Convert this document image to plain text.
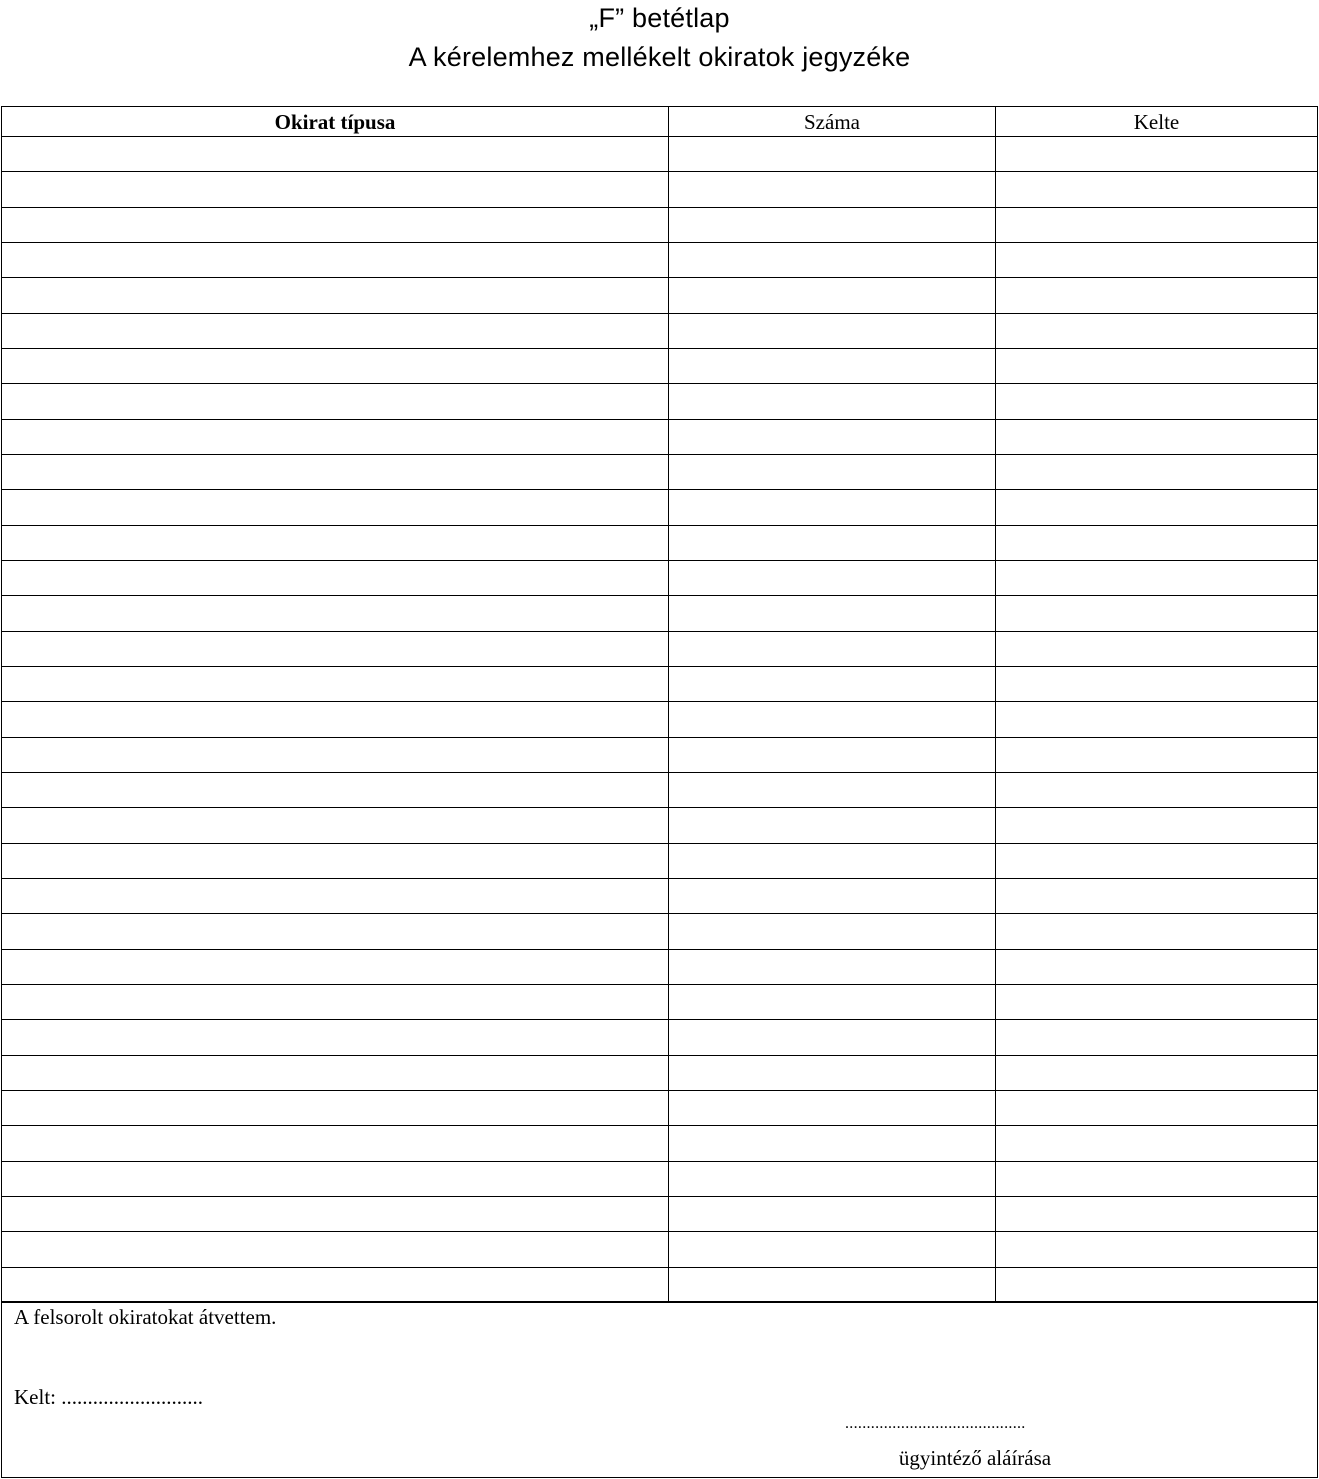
„F” betétlap
A kérelemhez mellékelt okiratok jegyzéke
Okirat típusa	Száma	Kelte
A felsorolt okiratokat átvettem.
Kelt: ...........................
..........................................
ügyintéző aláírása
